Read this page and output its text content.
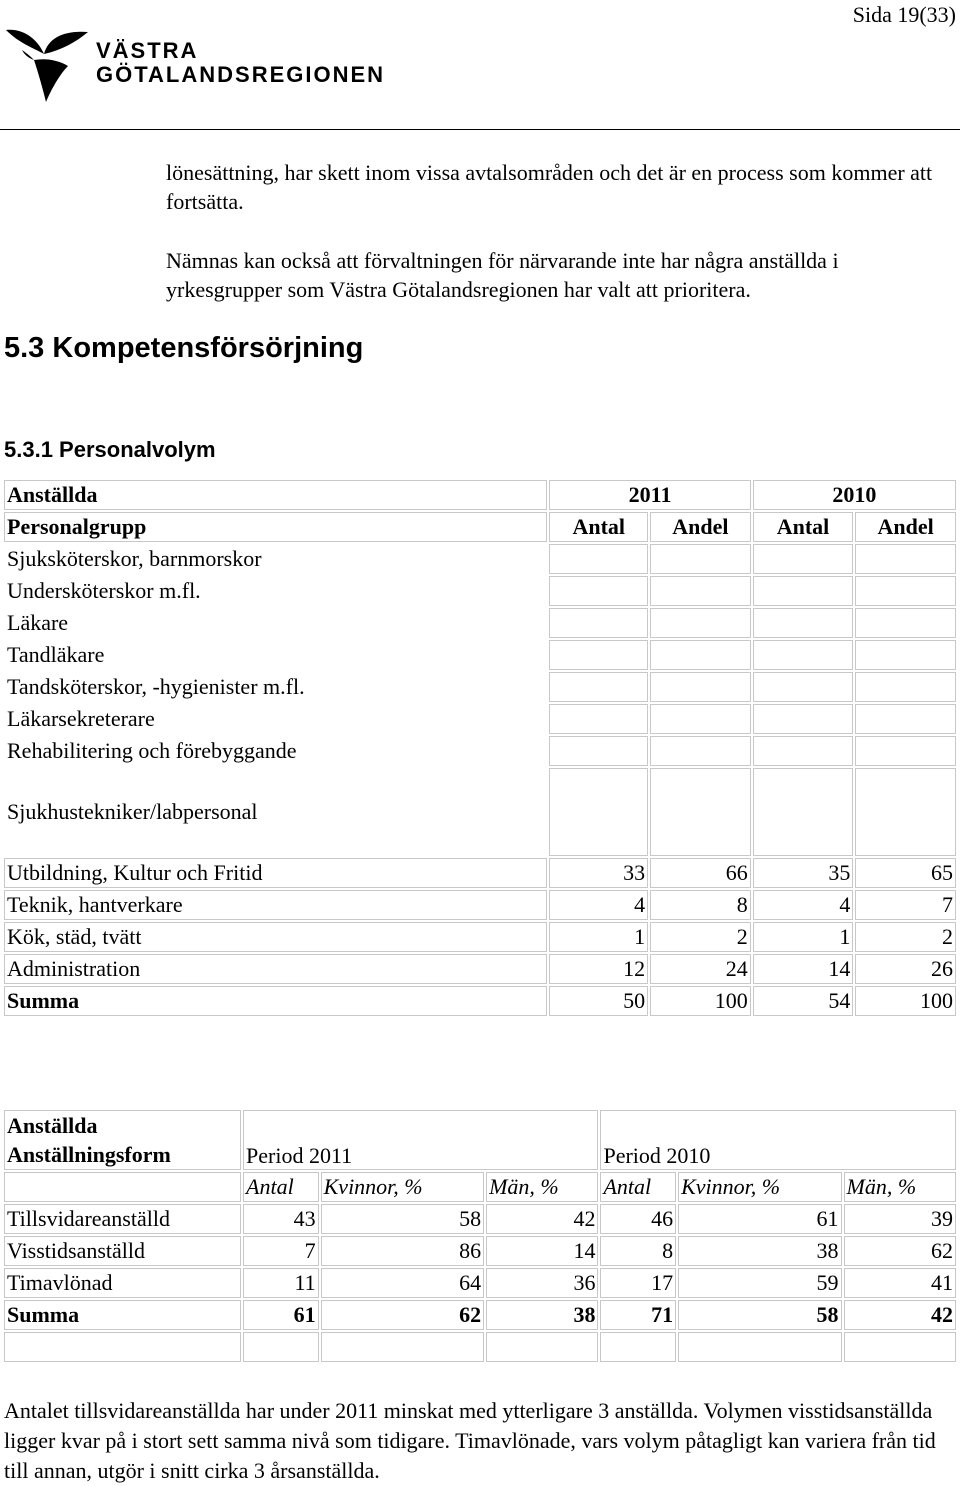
Sida 19(33)
VÄSTRA
GÖTALANDSREGIONEN
lönesättning, har skett inom vissa avtalsområden och det är en process som kommer att fortsätta.
Nämnas kan också att förvaltningen för närvarande inte har några anställda i yrkesgrupper som Västra Götalandsregionen har valt att prioritera.
5.3 Kompetensförsörjning
5.3.1 Personalvolym
Anställda	2011		2010	
Personalgrupp	Antal	Andel	Antal	Andel
Sjuksköterskor, barnmorskor				
Undersköterskor m.fl.				
Läkare				
Tandläkare				
Tandsköterskor, -hygienister m.fl.				
Läkarsekreterare				
Rehabilitering och förebyggande				
Sjukhustekniker/labpersonal				
Utbildning, Kultur och Fritid	33	66	35	65
Teknik, hantverkare	4	8	4	7
Kök, städ, tvätt	1	2	1	2
Administration	12	24	14	26
Summa	50	100	54	100
Anställda
Anställningsform	Period 2011			Period 2010		
	Antal	Kvinnor, %	Män, %	Antal	Kvinnor, %	Män, %
Tillsvidareanställd	43	58	42	46	61	39
Visstidsanställd	7	86	14	8	38	62
Timavlönad	11	64	36	17	59	41
Summa	61	62	38	71	58	42

Antalet tillsvidareanställda har under 2011 minskat med ytterligare 3 anställda. Volymen visstidsanställda ligger kvar på i stort sett samma nivå som tidigare. Timavlönade, vars volym påtagligt kan variera från tid till annan, utgör i snitt cirka 3 årsanställda.
